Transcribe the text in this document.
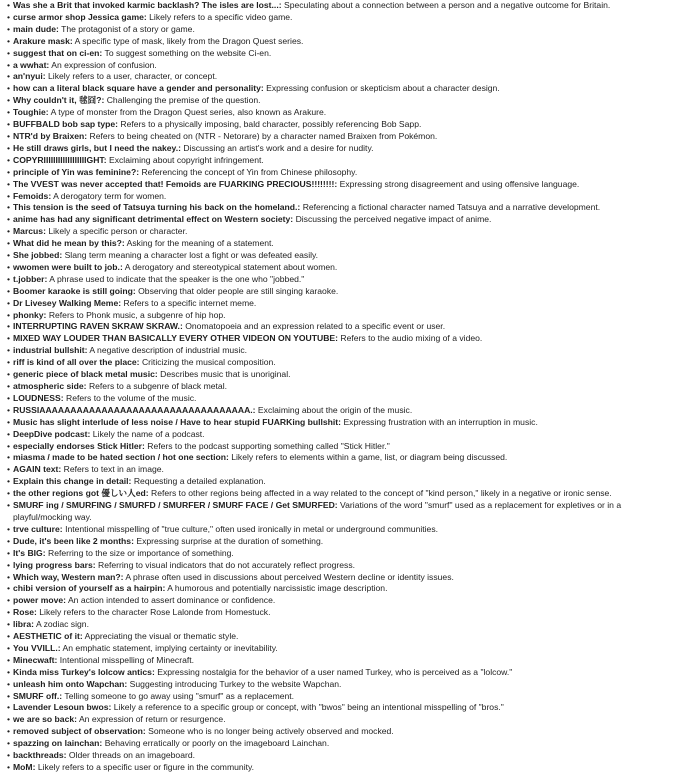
• Was she a Brit that invoked karmic backlash? The isles are lost...: Speculating about a connection between a person and a negative outcome for Britain.
• curse armor shop Jessica game: Likely refers to a specific video game.
• main dude: The protagonist of a story or game.
• Arakure mask: A specific type of mask, likely from the Dragon Quest series.
• suggest that on ci-en: To suggest something on the website Ci-en.
• a wwhat: An expression of confusion.
• an'nyui: Likely refers to a user, character, or concept.
• how can a literal black square have a gender and personality: Expressing confusion or skepticism about a character design.
• Why couldn't it, 毬囧?: Challenging the premise of the question.
• Toughie: A type of monster from the Dragon Quest series, also known as Arakure.
• BUFFBALD bob sap type: Refers to a physically imposing, bald character, possibly referencing Bob Sapp.
• NTR'd by Braixen: Refers to being cheated on (NTR - Netorare) by a character named Braixen from Pokémon.
• He still draws girls, but I need the nakey.: Discussing an artist's work and a desire for nudity.
• COPYRIIIIIIIIIIIIIIIIIIGHT: Exclaiming about copyright infringement.
• principle of Yin was feminine?: Referencing the concept of Yin from Chinese philosophy.
• The VVEST was never accepted that! Femoids are FUARKING PRECIOUS!!!!!!!!: Expressing strong disagreement and using offensive language.
• Femoids: A derogatory term for women.
• This tension is the seed of Tatsuya turning his back on the homeland.: Referencing a fictional character named Tatsuya and a narrative development.
• anime has had any significant detrimental effect on Western society: Discussing the perceived negative impact of anime.
• Marcus: Likely a specific person or character.
• What did he mean by this?: Asking for the meaning of a statement.
• She jobbed: Slang term meaning a character lost a fight or was defeated easily.
• wwomen were built to job.: A derogatory and stereotypical statement about women.
• t.jobber: A phrase used to indicate that the speaker is the one who "jobbed."
• Boomer karaoke is still going: Observing that older people are still singing karaoke.
• Dr Livesey Walking Meme: Refers to a specific internet meme.
• phonky: Refers to Phonk music, a subgenre of hip hop.
• INTERRUPTING RAVEN SKRAW SKRAW.: Onomatopoeia and an expression related to a specific event or user.
• MIXED WAY LOUDER THAN BASICALLY EVERY OTHER VIDEON ON YOUTUBE: Refers to the audio mixing of a video.
• industrial bullshit: A negative description of industrial music.
• riff is kind of all over the place: Criticizing the musical composition.
• generic piece of black metal music: Describes music that is unoriginal.
• atmospheric side: Refers to a subgenre of black metal.
• LOUDNESS: Refers to the volume of the music.
• RUSSIAAAAAAAAAAAAAAAAAAAAAAAAAAAAAAAAAA.: Exclaiming about the origin of the music.
• Music has slight interlude of less noise / Have to hear stupid FUARKing bullshit: Expressing frustration with an interruption in music.
• DeepDive podcast: Likely the name of a podcast.
• especially endorses Stick Hitler: Refers to the podcast supporting something called "Stick Hitler."
• miasma / made to be hated section / hot one section: Likely refers to elements within a game, list, or diagram being discussed.
• AGAIN text: Refers to text in an image.
• Explain this change in detail: Requesting a detailed explanation.
• the other regions got 優しい人ed: Refers to other regions being affected in a way related to the concept of "kind person," likely in a negative or ironic sense.
• SMURF ing / SMURFING / SMURFD / SMURFER / SMURF FACE / Get SMURFED: Variations of the word "smurf" used as a replacement for expletives or in a playful/mocking way.
• trve culture: Intentional misspelling of "true culture," often used ironically in metal or underground communities.
• Dude, it's been like 2 months: Expressing surprise at the duration of something.
• It's BIG: Referring to the size or importance of something.
• lying progress bars: Referring to visual indicators that do not accurately reflect progress.
• Which way, Western man?: A phrase often used in discussions about perceived Western decline or identity issues.
• chibi version of yourself as a hairpin: A humorous and potentially narcissistic image description.
• power move: An action intended to assert dominance or confidence.
• Rose: Likely refers to the character Rose Lalonde from Homestuck.
• libra: A zodiac sign.
• AESTHETIC of it: Appreciating the visual or thematic style.
• You VVILL.: An emphatic statement, implying certainty or inevitability.
• Minecwaft: Intentional misspelling of Minecraft.
• Kinda miss Turkey's lolcow antics: Expressing nostalgia for the behavior of a user named Turkey, who is perceived as a "lolcow."
• unleash him onto Wapchan: Suggesting introducing Turkey to the website Wapchan.
• SMURF off.: Telling someone to go away using "smurf" as a replacement.
• Lavender Lesoun bwos: Likely a reference to a specific group or concept, with "bwos" being an intentional misspelling of "bros."
• we are so back: An expression of return or resurgence.
• removed subject of observation: Someone who is no longer being actively observed and mocked.
• spazzing on lainchan: Behaving erratically or poorly on the imageboard Lainchan.
• backthreads: Older threads on an imageboard.
• MoM: Likely refers to a specific user or figure in the community.
